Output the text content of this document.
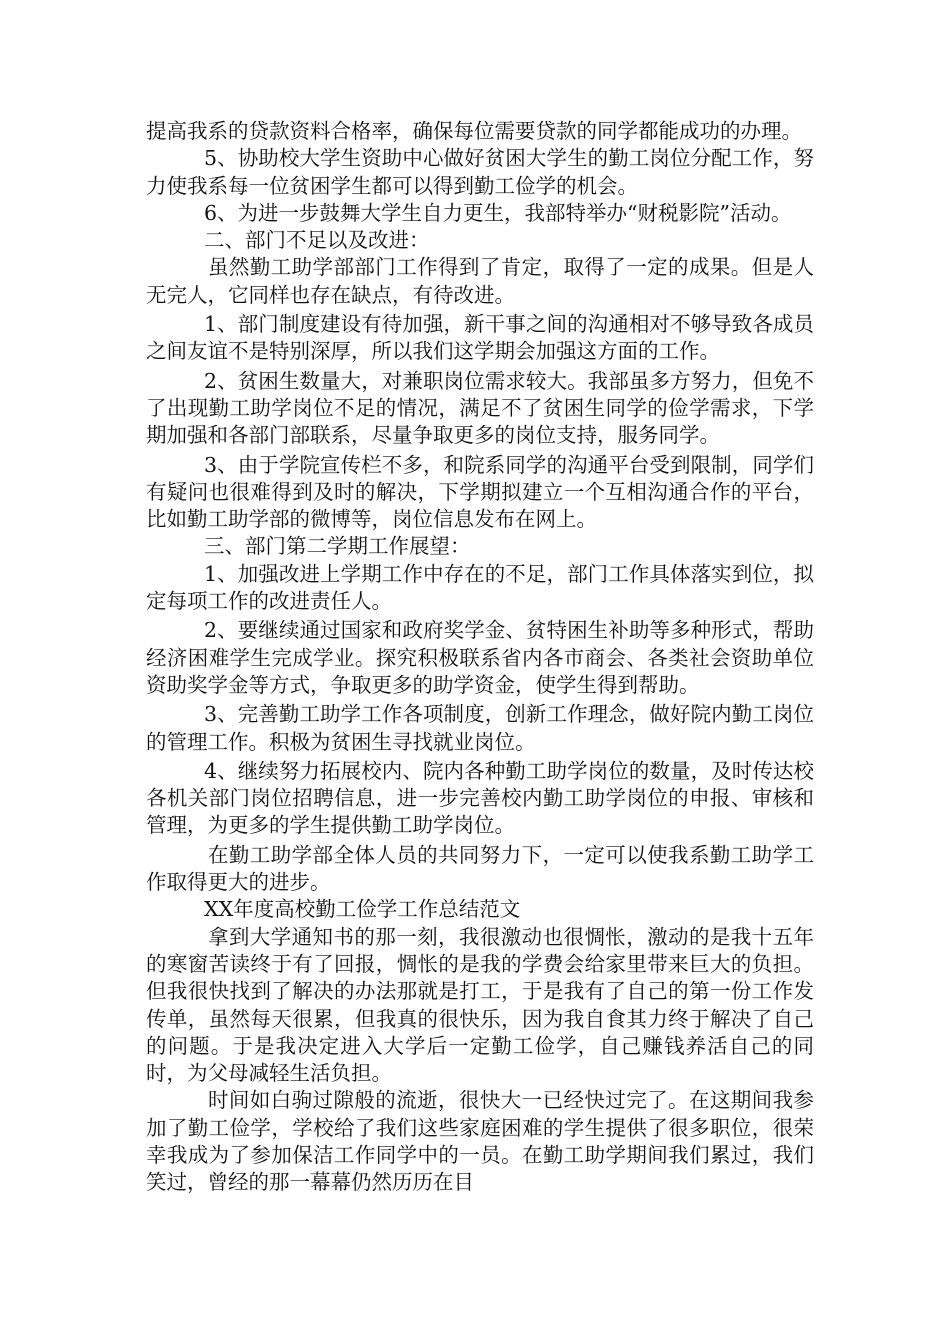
提高我系的贷款资料合格率，确保每位需要贷款的同学都能成功的办理。

5、协助校大学生资助中心做好贫困大学生的勤工岗位分配工作，努力使我系每一位贫困学生都可以得到勤工俭学的机会。

6、为进一步鼓舞大学生自力更生，我部特举办“财税影院”活动。

二、部门不足以及改进：

虽然勤工助学部部门工作得到了肯定，取得了一定的成果。但是人无完人，它同样也存在缺点，有待改进。

1、部门制度建设有待加强，新干事之间的沟通相对不够导致各成员之间友谊不是特别深厚，所以我们这学期会加强这方面的工作。

2、贫困生数量大，对兼职岗位需求较大。我部虽多方努力，但免不了出现勤工助学岗位不足的情况，满足不了贫困生同学的俭学需求，下学期加强和各部门部联系，尽量争取更多的岗位支持，服务同学。

3、由于学院宣传栏不多，和院系同学的沟通平台受到限制，同学们有疑问也很难得到及时的解决，下学期拟建立一个互相沟通合作的平台，比如勤工助学部的微博等，岗位信息发布在网上。

三、部门第二学期工作展望：

1、加强改进上学期工作中存在的不足，部门工作具体落实到位，拟定每项工作的改进责任人。

2、要继续通过国家和政府奖学金、贫特困生补助等多种形式，帮助经济困难学生完成学业。探究积极联系省内各市商会、各类社会资助单位资助奖学金等方式，争取更多的助学资金，使学生得到帮助。

3、完善勤工助学工作各项制度，创新工作理念，做好院内勤工岗位的管理工作。积极为贫困生寻找就业岗位。

4、继续努力拓展校内、院内各种勤工助学岗位的数量，及时传达校各机关部门岗位招聘信息，进一步完善校内勤工助学岗位的申报、审核和管理，为更多的学生提供勤工助学岗位。

在勤工助学部全体人员的共同努力下，一定可以使我系勤工助学工作取得更大的进步。

XX年度高校勤工俭学工作总结范文

拿到大学通知书的那一刻，我很激动也很惆怅，激动的是我十五年的寒窗苦读终于有了回报，惆怅的是我的学费会给家里带来巨大的负担。但我很快找到了解决的办法那就是打工，于是我有了自己的第一份工作发传单，虽然每天很累，但我真的很快乐，因为我自食其力终于解决了自己的问题。于是我决定进入大学后一定勤工俭学，自己赚钱养活自己的同时，为父母减轻生活负担。

时间如白驹过隙般的流逝，很快大一已经快过完了。在这期间我参加了勤工俭学，学校给了我们这些家庭困难的学生提供了很多职位，很荣幸我成为了参加保洁工作同学中的一员。在勤工助学期间我们累过，我们笑过，曾经的那一幕幕仍然历历在目
